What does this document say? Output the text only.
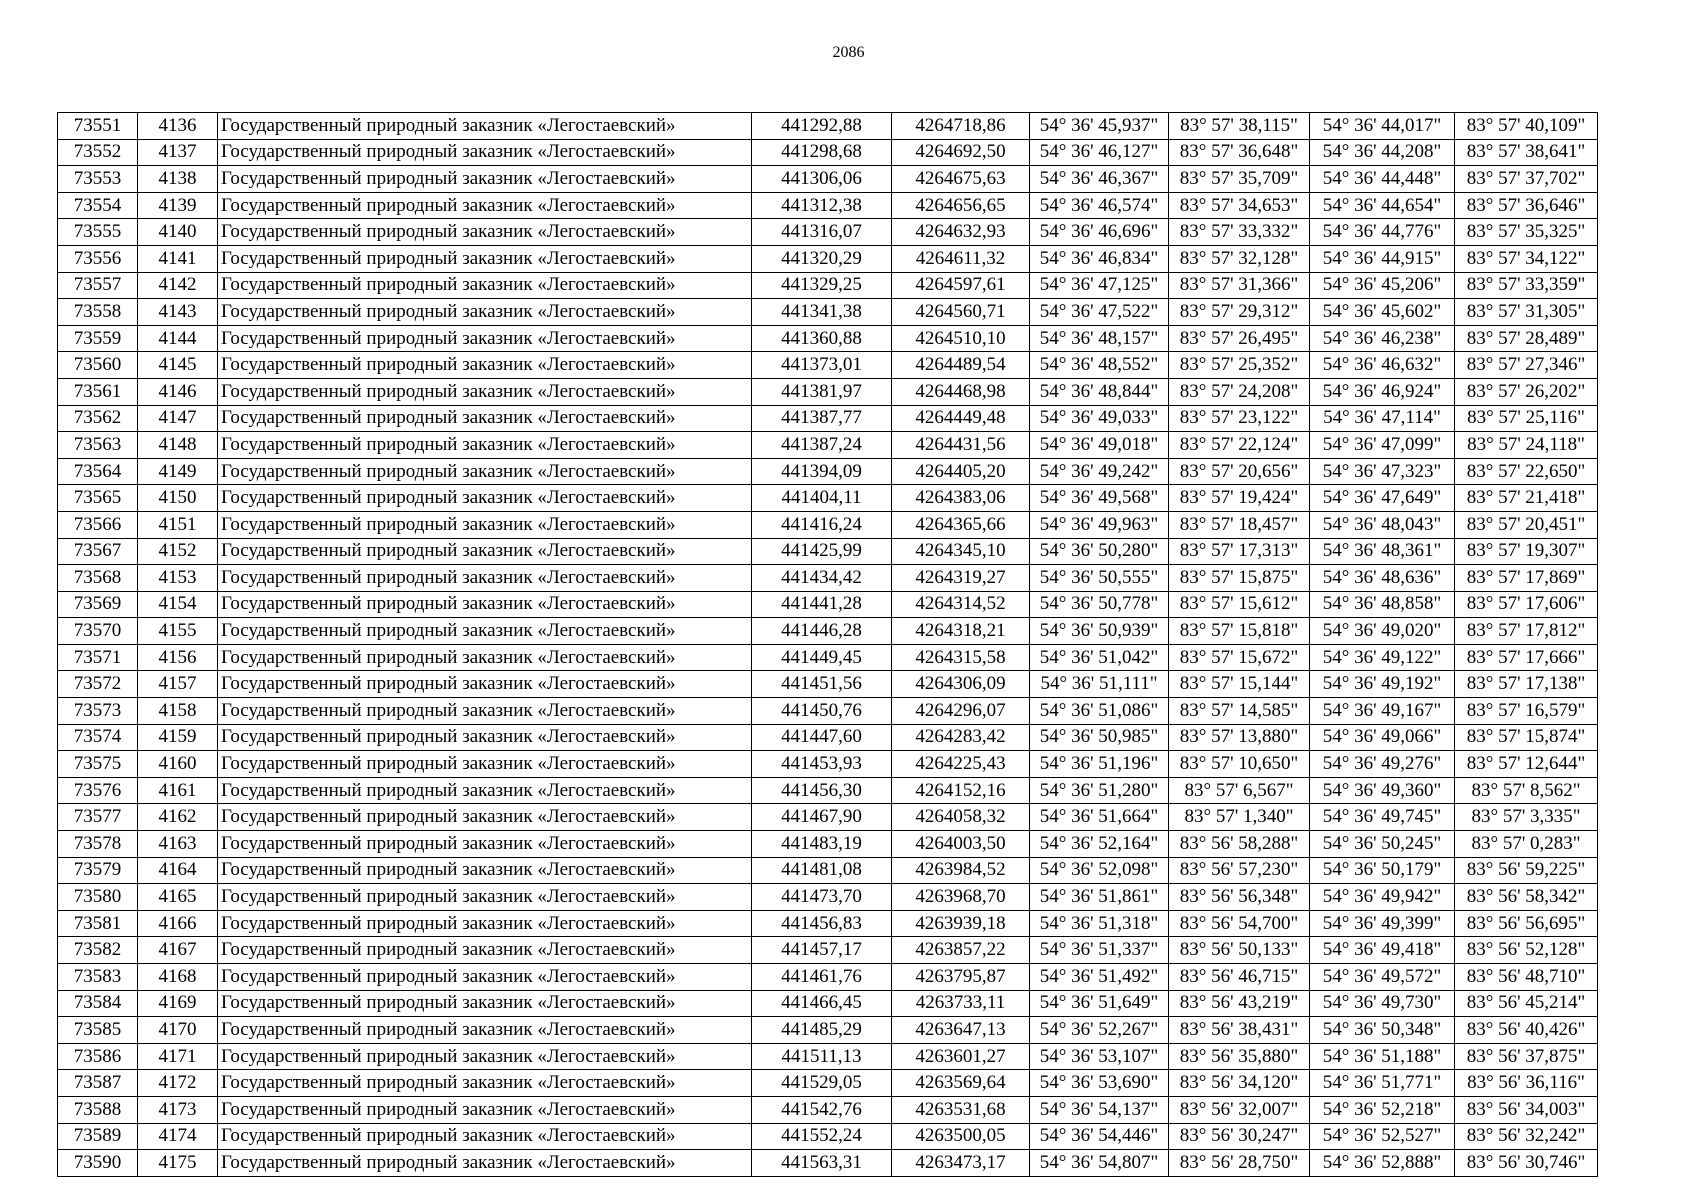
2086
73551	4136	Государственный природный заказник «Легостаевский»	441292,88	4264718,86	54° 36' 45,937"	83° 57' 38,115"	54° 36' 44,017"	83° 57' 40,109"
73552	4137	Государственный природный заказник «Легостаевский»	441298,68	4264692,50	54° 36' 46,127"	83° 57' 36,648"	54° 36' 44,208"	83° 57' 38,641"
73553	4138	Государственный природный заказник «Легостаевский»	441306,06	4264675,63	54° 36' 46,367"	83° 57' 35,709"	54° 36' 44,448"	83° 57' 37,702"
73554	4139	Государственный природный заказник «Легостаевский»	441312,38	4264656,65	54° 36' 46,574"	83° 57' 34,653"	54° 36' 44,654"	83° 57' 36,646"
73555	4140	Государственный природный заказник «Легостаевский»	441316,07	4264632,93	54° 36' 46,696"	83° 57' 33,332"	54° 36' 44,776"	83° 57' 35,325"
73556	4141	Государственный природный заказник «Легостаевский»	441320,29	4264611,32	54° 36' 46,834"	83° 57' 32,128"	54° 36' 44,915"	83° 57' 34,122"
73557	4142	Государственный природный заказник «Легостаевский»	441329,25	4264597,61	54° 36' 47,125"	83° 57' 31,366"	54° 36' 45,206"	83° 57' 33,359"
73558	4143	Государственный природный заказник «Легостаевский»	441341,38	4264560,71	54° 36' 47,522"	83° 57' 29,312"	54° 36' 45,602"	83° 57' 31,305"
73559	4144	Государственный природный заказник «Легостаевский»	441360,88	4264510,10	54° 36' 48,157"	83° 57' 26,495"	54° 36' 46,238"	83° 57' 28,489"
73560	4145	Государственный природный заказник «Легостаевский»	441373,01	4264489,54	54° 36' 48,552"	83° 57' 25,352"	54° 36' 46,632"	83° 57' 27,346"
73561	4146	Государственный природный заказник «Легостаевский»	441381,97	4264468,98	54° 36' 48,844"	83° 57' 24,208"	54° 36' 46,924"	83° 57' 26,202"
73562	4147	Государственный природный заказник «Легостаевский»	441387,77	4264449,48	54° 36' 49,033"	83° 57' 23,122"	54° 36' 47,114"	83° 57' 25,116"
73563	4148	Государственный природный заказник «Легостаевский»	441387,24	4264431,56	54° 36' 49,018"	83° 57' 22,124"	54° 36' 47,099"	83° 57' 24,118"
73564	4149	Государственный природный заказник «Легостаевский»	441394,09	4264405,20	54° 36' 49,242"	83° 57' 20,656"	54° 36' 47,323"	83° 57' 22,650"
73565	4150	Государственный природный заказник «Легостаевский»	441404,11	4264383,06	54° 36' 49,568"	83° 57' 19,424"	54° 36' 47,649"	83° 57' 21,418"
73566	4151	Государственный природный заказник «Легостаевский»	441416,24	4264365,66	54° 36' 49,963"	83° 57' 18,457"	54° 36' 48,043"	83° 57' 20,451"
73567	4152	Государственный природный заказник «Легостаевский»	441425,99	4264345,10	54° 36' 50,280"	83° 57' 17,313"	54° 36' 48,361"	83° 57' 19,307"
73568	4153	Государственный природный заказник «Легостаевский»	441434,42	4264319,27	54° 36' 50,555"	83° 57' 15,875"	54° 36' 48,636"	83° 57' 17,869"
73569	4154	Государственный природный заказник «Легостаевский»	441441,28	4264314,52	54° 36' 50,778"	83° 57' 15,612"	54° 36' 48,858"	83° 57' 17,606"
73570	4155	Государственный природный заказник «Легостаевский»	441446,28	4264318,21	54° 36' 50,939"	83° 57' 15,818"	54° 36' 49,020"	83° 57' 17,812"
73571	4156	Государственный природный заказник «Легостаевский»	441449,45	4264315,58	54° 36' 51,042"	83° 57' 15,672"	54° 36' 49,122"	83° 57' 17,666"
73572	4157	Государственный природный заказник «Легостаевский»	441451,56	4264306,09	54° 36' 51,111"	83° 57' 15,144"	54° 36' 49,192"	83° 57' 17,138"
73573	4158	Государственный природный заказник «Легостаевский»	441450,76	4264296,07	54° 36' 51,086"	83° 57' 14,585"	54° 36' 49,167"	83° 57' 16,579"
73574	4159	Государственный природный заказник «Легостаевский»	441447,60	4264283,42	54° 36' 50,985"	83° 57' 13,880"	54° 36' 49,066"	83° 57' 15,874"
73575	4160	Государственный природный заказник «Легостаевский»	441453,93	4264225,43	54° 36' 51,196"	83° 57' 10,650"	54° 36' 49,276"	83° 57' 12,644"
73576	4161	Государственный природный заказник «Легостаевский»	441456,30	4264152,16	54° 36' 51,280"	83° 57' 6,567"	54° 36' 49,360"	83° 57' 8,562"
73577	4162	Государственный природный заказник «Легостаевский»	441467,90	4264058,32	54° 36' 51,664"	83° 57' 1,340"	54° 36' 49,745"	83° 57' 3,335"
73578	4163	Государственный природный заказник «Легостаевский»	441483,19	4264003,50	54° 36' 52,164"	83° 56' 58,288"	54° 36' 50,245"	83° 57' 0,283"
73579	4164	Государственный природный заказник «Легостаевский»	441481,08	4263984,52	54° 36' 52,098"	83° 56' 57,230"	54° 36' 50,179"	83° 56' 59,225"
73580	4165	Государственный природный заказник «Легостаевский»	441473,70	4263968,70	54° 36' 51,861"	83° 56' 56,348"	54° 36' 49,942"	83° 56' 58,342"
73581	4166	Государственный природный заказник «Легостаевский»	441456,83	4263939,18	54° 36' 51,318"	83° 56' 54,700"	54° 36' 49,399"	83° 56' 56,695"
73582	4167	Государственный природный заказник «Легостаевский»	441457,17	4263857,22	54° 36' 51,337"	83° 56' 50,133"	54° 36' 49,418"	83° 56' 52,128"
73583	4168	Государственный природный заказник «Легостаевский»	441461,76	4263795,87	54° 36' 51,492"	83° 56' 46,715"	54° 36' 49,572"	83° 56' 48,710"
73584	4169	Государственный природный заказник «Легостаевский»	441466,45	4263733,11	54° 36' 51,649"	83° 56' 43,219"	54° 36' 49,730"	83° 56' 45,214"
73585	4170	Государственный природный заказник «Легостаевский»	441485,29	4263647,13	54° 36' 52,267"	83° 56' 38,431"	54° 36' 50,348"	83° 56' 40,426"
73586	4171	Государственный природный заказник «Легостаевский»	441511,13	4263601,27	54° 36' 53,107"	83° 56' 35,880"	54° 36' 51,188"	83° 56' 37,875"
73587	4172	Государственный природный заказник «Легостаевский»	441529,05	4263569,64	54° 36' 53,690"	83° 56' 34,120"	54° 36' 51,771"	83° 56' 36,116"
73588	4173	Государственный природный заказник «Легостаевский»	441542,76	4263531,68	54° 36' 54,137"	83° 56' 32,007"	54° 36' 52,218"	83° 56' 34,003"
73589	4174	Государственный природный заказник «Легостаевский»	441552,24	4263500,05	54° 36' 54,446"	83° 56' 30,247"	54° 36' 52,527"	83° 56' 32,242"
73590	4175	Государственный природный заказник «Легостаевский»	441563,31	4263473,17	54° 36' 54,807"	83° 56' 28,750"	54° 36' 52,888"	83° 56' 30,746"
